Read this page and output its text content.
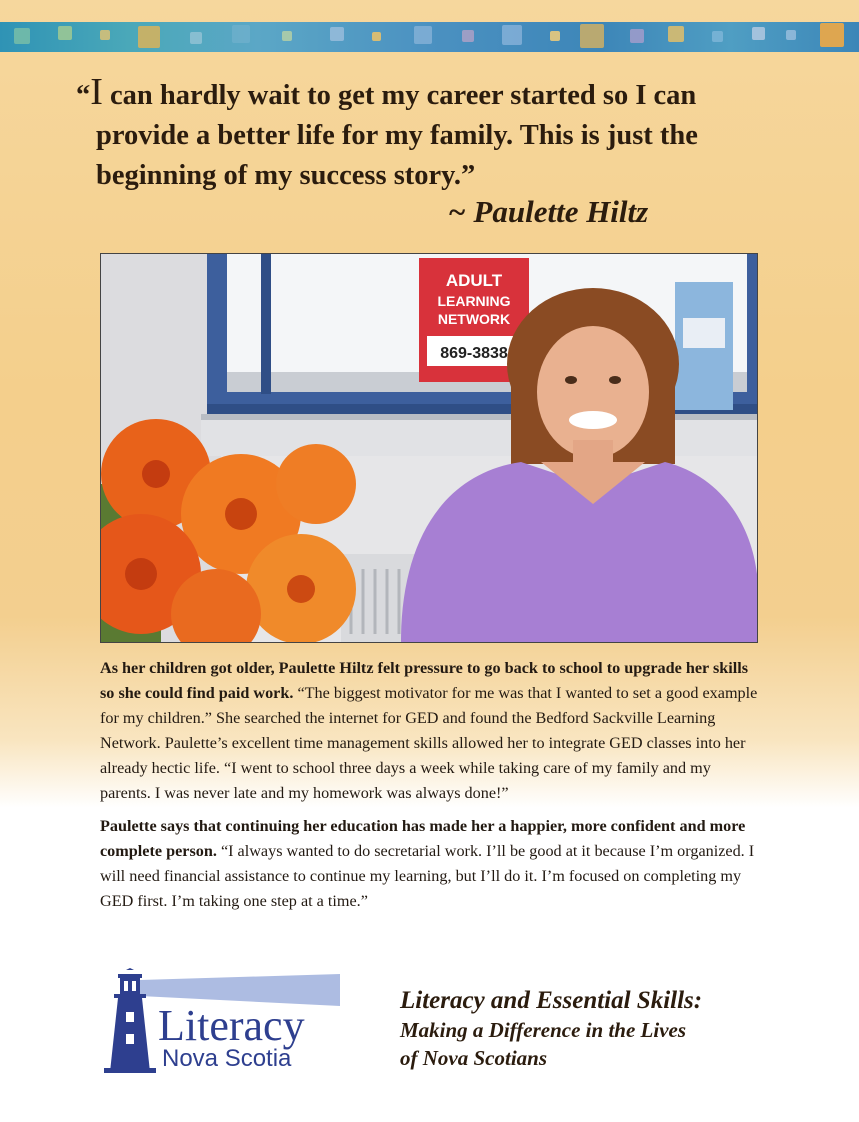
“I can hardly wait to get my career started so I can
provide a better life for my family. This is just the
beginning of my success story.”
~ Paulette Hiltz
ADULT
LEARNING
NETWORK
869-3838

As her children got older, Paulette Hiltz felt pressure to go back to school to upgrade her skills so she could find paid work. “The biggest motivator for me was that I wanted to set a good example for my children.” She searched the internet for GED and found the Bedford Sackville Learning Network. Paulette’s excellent time management skills allowed her to integrate GED classes into her already hectic life. “I went to school three days a week while taking care of my family and my parents. I was never late and my homework was always done!”

Paulette says that continuing her education has made her a happier, more confident and more complete person. “I always wanted to do secretarial work. I’ll be good at it because I’m organized. I will need financial assistance to continue my learning, but I’ll do it. I’m focused on completing my GED first. I’m taking one step at a time.”

Literacy
Nova Scotia
Literacy and Essential Skills:
Making a Difference in the Lives
of Nova Scotians
